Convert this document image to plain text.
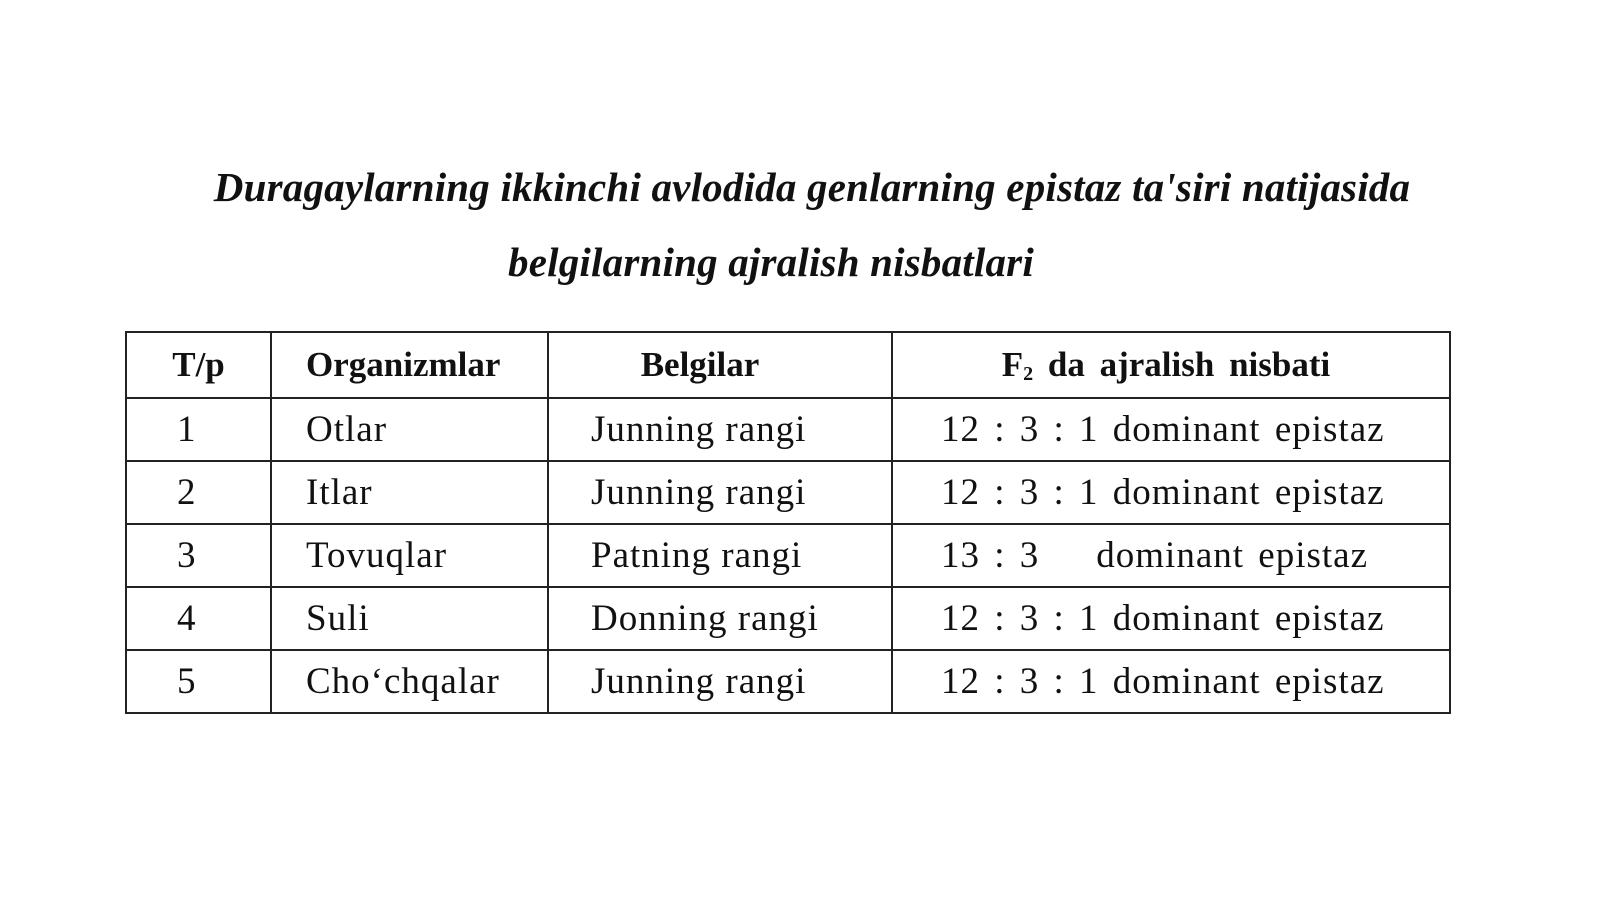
Duragaylarning ikkinchi avlodida genlarning epistaz ta'siri natijasida
belgilarning ajralish nisbatlari
T/p	Organizmlar	Belgilar	$F_2$ da ajralish nisbati
1	Otlar	Junning rangi	12 : 3 : 1 dominant epistaz
2	Itlar	Junning rangi	12 : 3 : 1 dominant epistaz
3	Tovuqlar	Patning rangi	13 : 3    dominant epistaz
4	Suli	Donning rangi	12 : 3 : 1 dominant epistaz
5	Cho‘chqalar	Junning rangi	12 : 3 : 1 dominant epistaz
